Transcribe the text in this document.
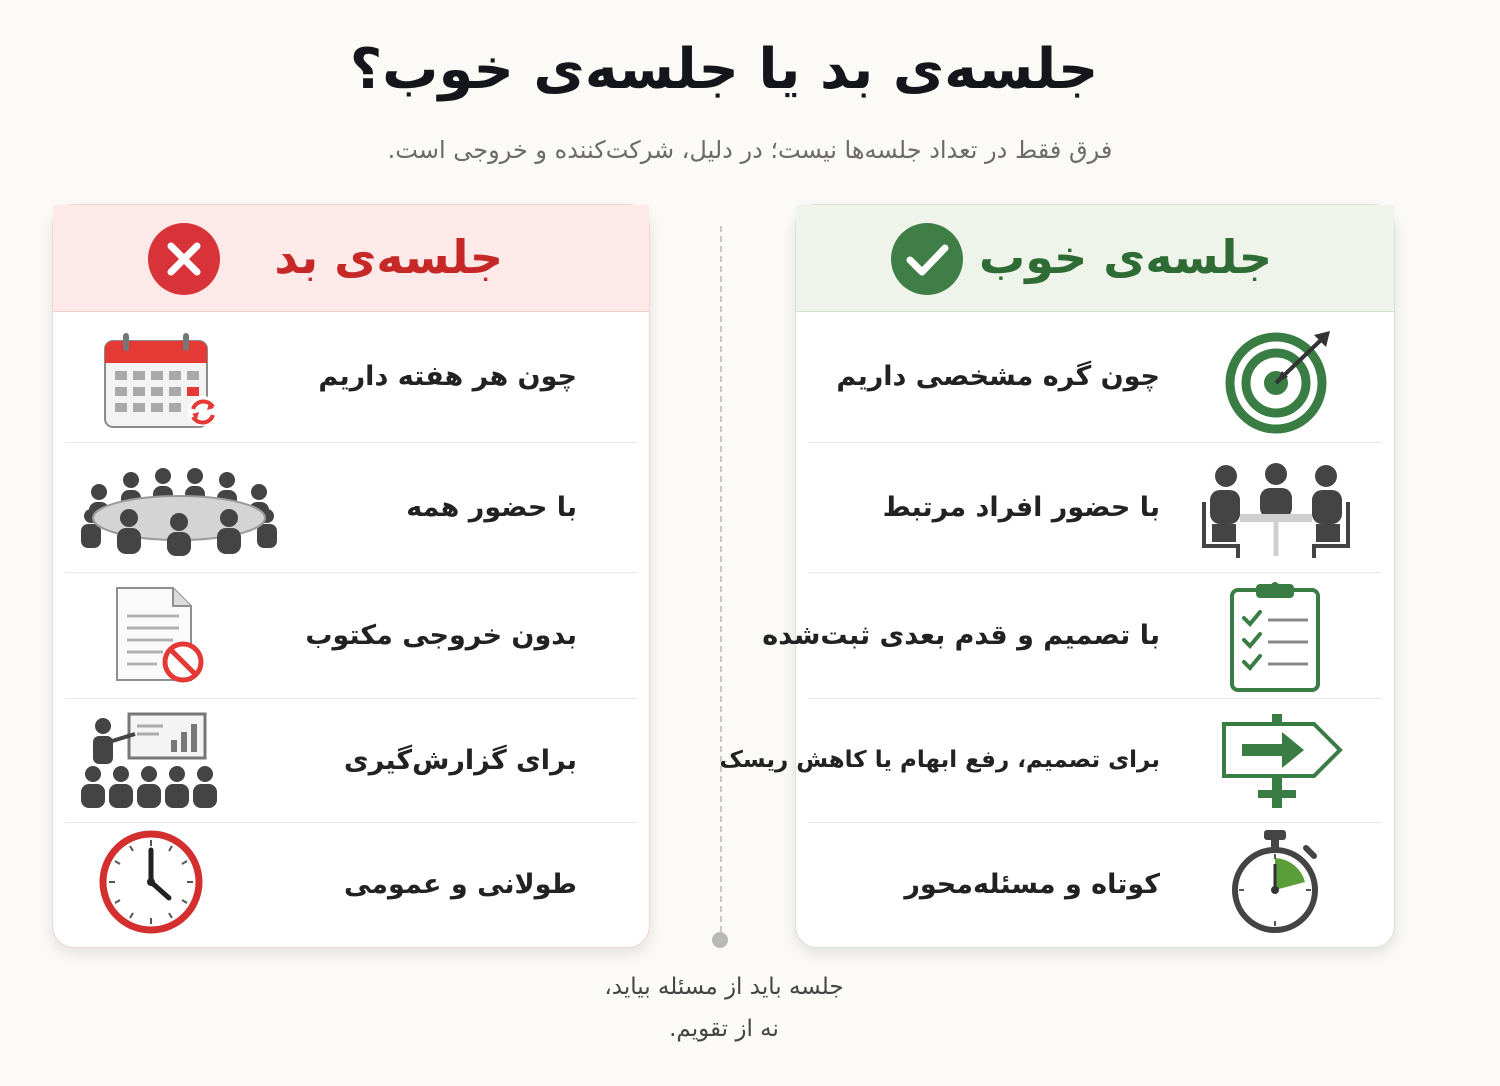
جلسه‌ی بد یا جلسه‌ی خوب؟
فرق فقط در تعداد جلسه‌ها نیست؛ در دلیل، شرکت‌کننده و خروجی است.
جلسه‌ی بد
چون هر هفته داریم
با حضور همه
بدون خروجی مکتوب
برای گزارش‌گیری
طولانی و عمومی
جلسه‌ی خوب
چون گره مشخصی داریم
با حضور افراد مرتبط
با تصمیم و قدم بعدی ثبت‌شده
برای تصمیم، رفع ابهام یا کاهش ریسک
کوتاه و مسئله‌محور
جلسه باید از مسئله بیاید،
نه از تقویم.
